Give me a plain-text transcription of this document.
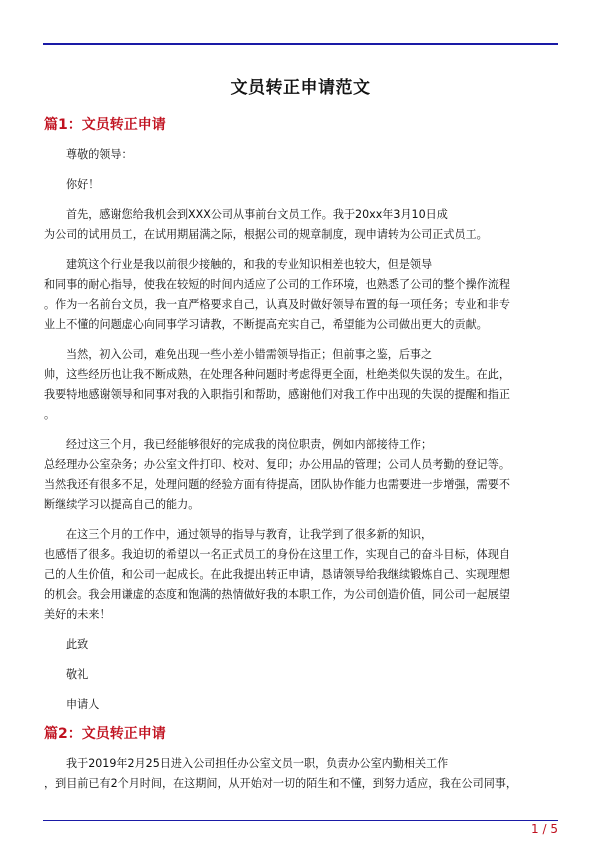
文员转正申请范文
篇1：文员转正申请

尊敬的领导：

你好！

首先，感谢您给我机会到XXX公司从事前台文员工作。我于20xx年3月10日成
为公司的试用员工，在试用期届满之际，根据公司的规章制度，现申请转为公司正式员工。

建筑这个行业是我以前很少接触的，和我的专业知识相差也较大，但是领导
和同事的耐心指导，使我在较短的时间内适应了公司的工作环境，也熟悉了公司的整个操作流程
。作为一名前台文员，我一直严格要求自己，认真及时做好领导布置的每一项任务；专业和非专
业上不懂的问题虚心向同事学习请教，不断提高充实自己，希望能为公司做出更大的贡献。

当然，初入公司，难免出现一些小差小错需领导指正；但前事之鉴，后事之
帅，这些经历也让我不断成熟，在处理各种问题时考虑得更全面，杜绝类似失误的发生。在此，
我要特地感谢领导和同事对我的入职指引和帮助，感谢他们对我工作中出现的失误的提醒和指正
。

经过这三个月，我已经能够很好的完成我的岗位职责，例如内部接待工作；
总经理办公室杂务；办公室文件打印、校对、复印；办公用品的管理；公司人员考勤的登记等。
当然我还有很多不足，处理问题的经验方面有待提高，团队协作能力也需要进一步增强，需要不
断继续学习以提高自己的能力。

在这三个月的工作中，通过领导的指导与教育，让我学到了很多新的知识，
也感悟了很多。我迫切的希望以一名正式员工的身份在这里工作，实现自己的奋斗目标，体现自
己的人生价值，和公司一起成长。在此我提出转正申请，恳请领导给我继续锻炼自己、实现理想
的机会。我会用谦虚的态度和饱满的热情做好我的本职工作，为公司创造价值，同公司一起展望
美好的未来！

此致

敬礼

申请人

篇2：文员转正申请

我于2019年2月25日进入公司担任办公室文员一职，负责办公室内勤相关工作
，到目前已有2个月时间，在这期间，从开始对一切的陌生和不懂，到努力适应，我在公司同事，

1 / 5
